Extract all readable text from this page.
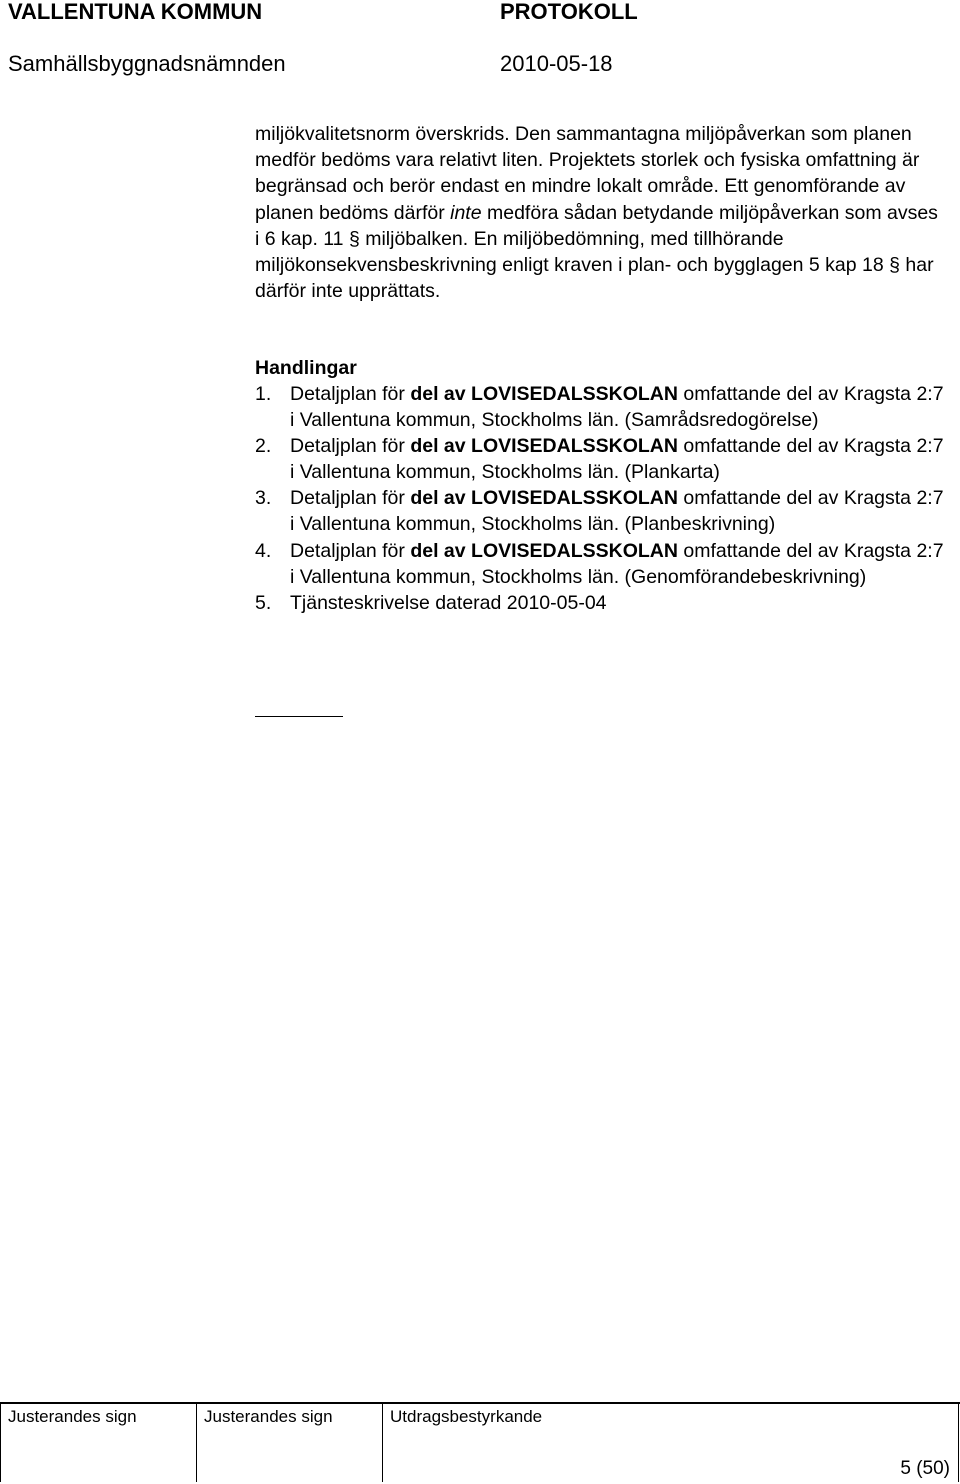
VALLENTUNA KOMMUN	PROTOKOLL
Samhällsbyggnadsnämnden	2010-05-18

miljökvalitetsnorm överskrids. Den sammantagna miljöpåverkan som planen medför bedöms vara relativt liten. Projektets storlek och fysiska omfattning är begränsad och berör endast en mindre lokalt område. Ett genomförande av planen bedöms därför inte medföra sådan betydande miljöpåverkan som avses i 6 kap. 11 § miljöbalken. En miljöbedömning, med tillhörande miljökonsekvensbeskrivning enligt kraven i plan- och bygglagen 5 kap 18 § har därför inte upprättats.

Handlingar
1. Detaljplan för del av LOVISEDALSSKOLAN omfattande del av Kragsta 2:7 i Vallentuna kommun, Stockholms län. (Samrådsredogörelse)
2. Detaljplan för del av LOVISEDALSSKOLAN omfattande del av Kragsta 2:7 i Vallentuna kommun, Stockholms län. (Plankarta)
3. Detaljplan för del av LOVISEDALSSKOLAN omfattande del av Kragsta 2:7 i Vallentuna kommun, Stockholms län. (Planbeskrivning)
4. Detaljplan för del av LOVISEDALSSKOLAN omfattande del av Kragsta 2:7 i Vallentuna kommun, Stockholms län. (Genomförandebeskrivning)
5. Tjänsteskrivelse daterad 2010-05-04
Justerandes sign	Justerandes sign	Utdragsbestyrkande
5 (50)
